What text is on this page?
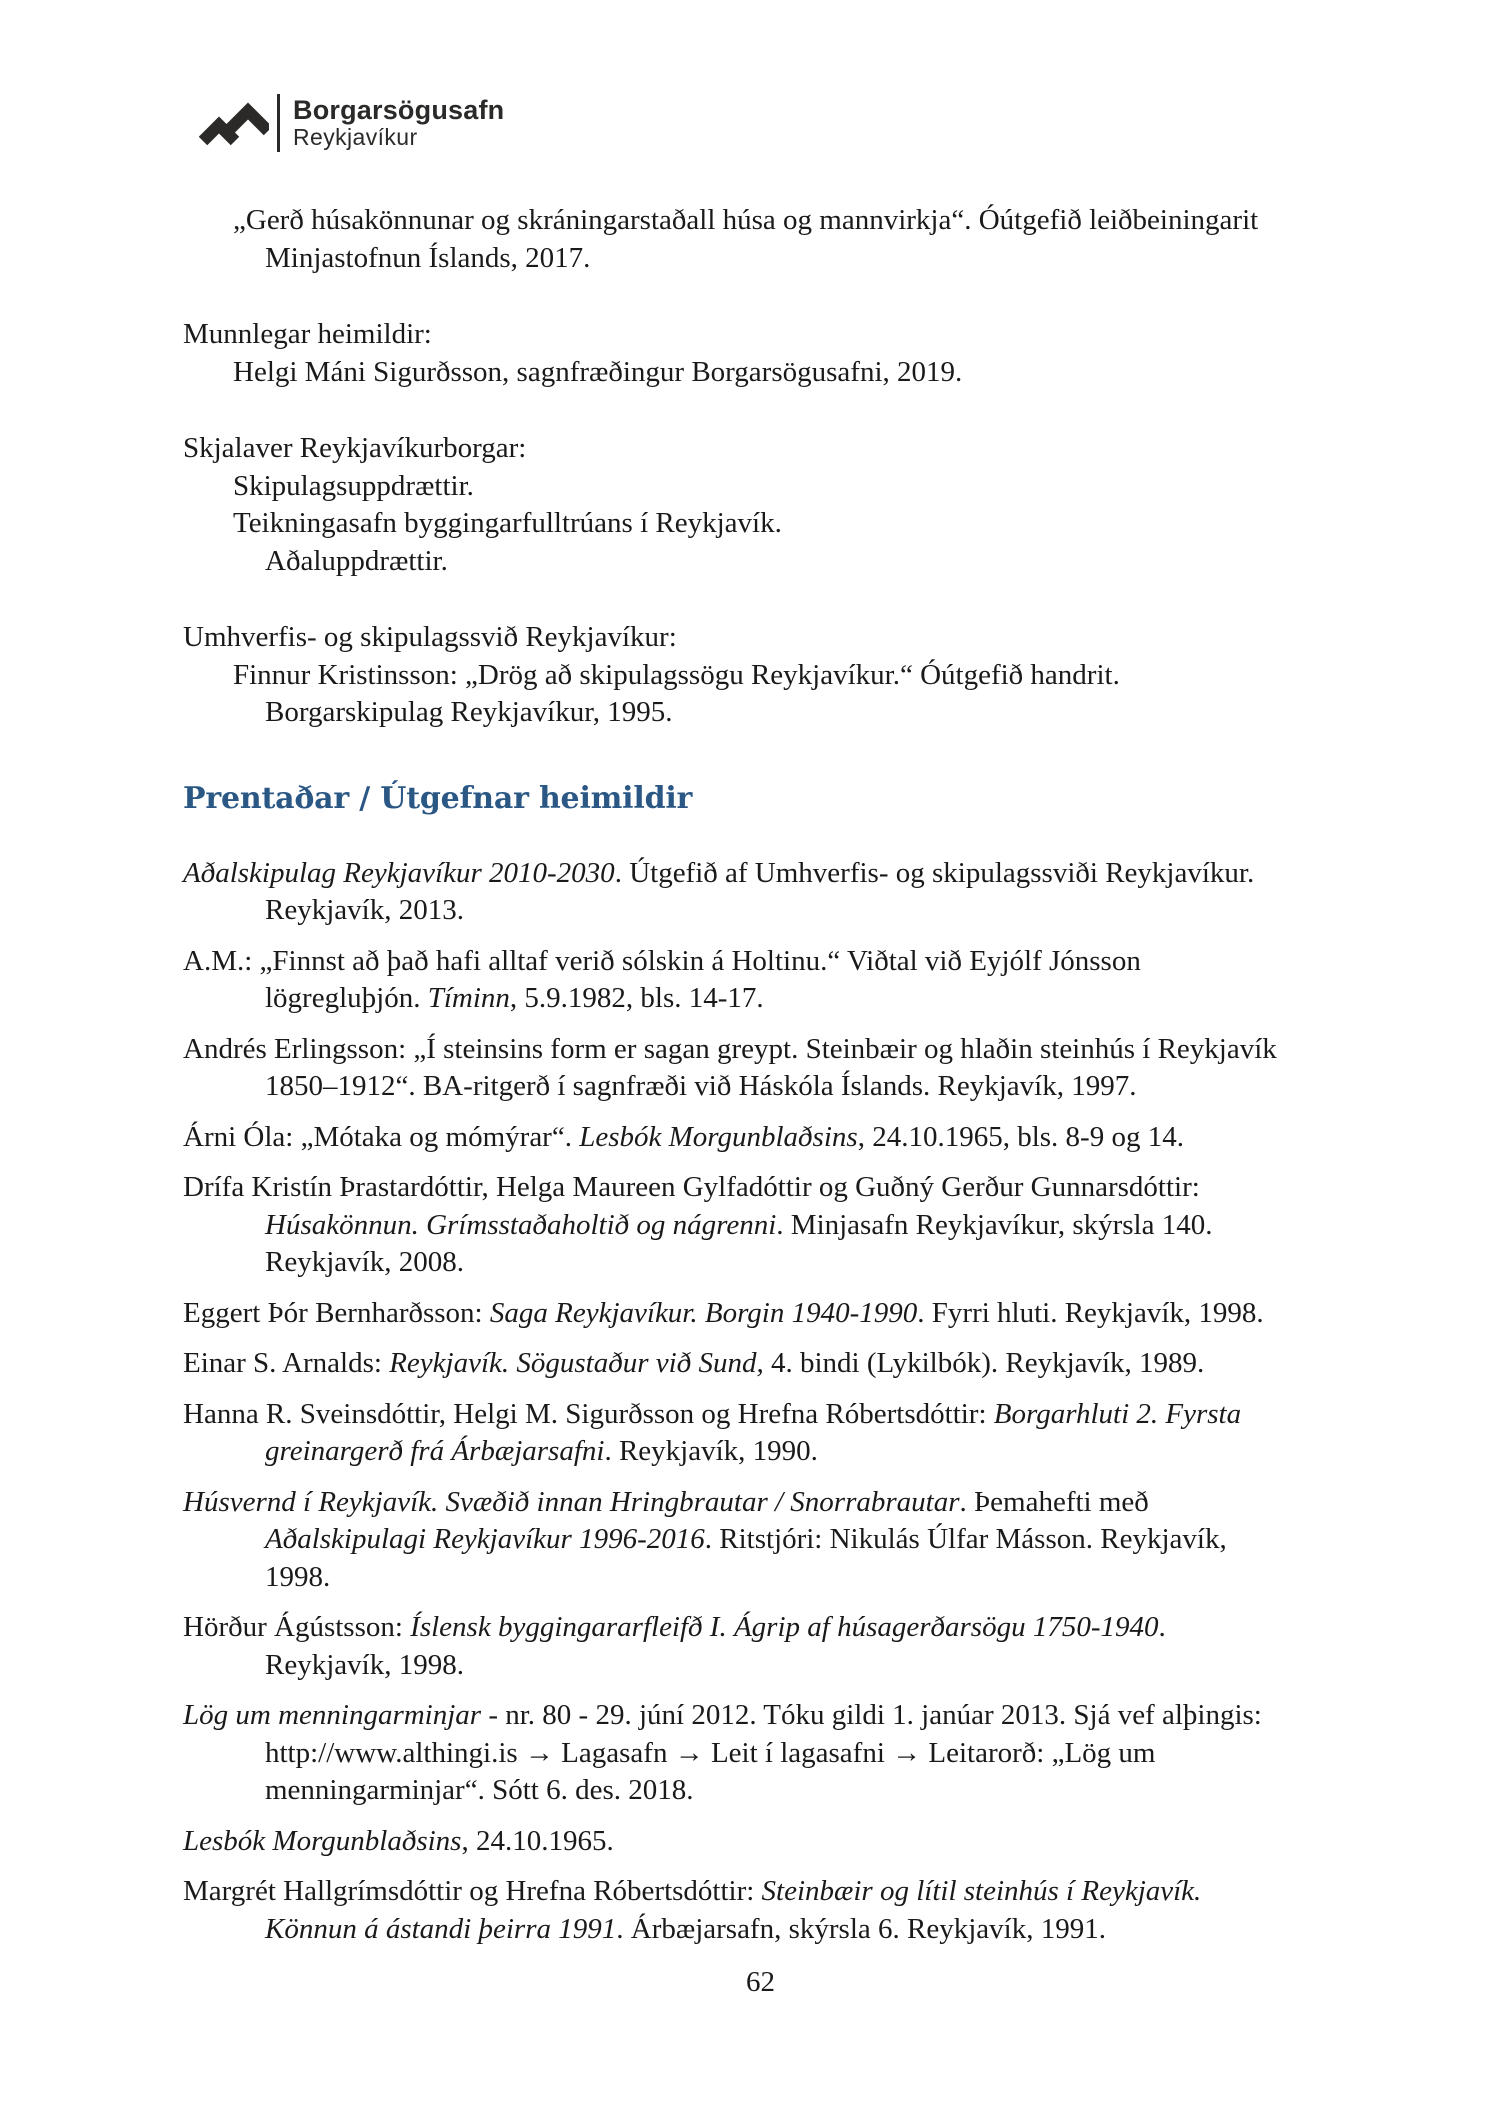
Borgarsögusafn
Reykjavíkur
„Gerð húsakönnunar og skráningarstaðall húsa og mannvirkja“. Óútgefið leiðbeiningarit
Minjastofnun Íslands, 2017.
Munnlegar heimildir:
Helgi Máni Sigurðsson, sagnfræðingur Borgarsögusafni, 2019.
Skjalaver Reykjavíkurborgar:
Skipulagsuppdrættir.
Teikningasafn byggingarfulltrúans í Reykjavík.
Aðaluppdrættir.
Umhverfis- og skipulagssvið Reykjavíkur:
Finnur Kristinsson: „Drög að skipulagssögu Reykjavíkur.“ Óútgefið handrit.
Borgarskipulag Reykjavíkur, 1995.
Prentaðar / Útgefnar heimildir
Aðalskipulag Reykjavíkur 2010-2030. Útgefið af Umhverfis- og skipulagssviði Reykjavíkur.
Reykjavík, 2013.
A.M.: „Finnst að það hafi alltaf verið sólskin á Holtinu.“ Viðtal við Eyjólf Jónsson
lögregluþjón. Tíminn, 5.9.1982, bls. 14-17.
Andrés Erlingsson: „Í steinsins form er sagan greypt. Steinbæir og hlaðin steinhús í Reykjavík
1850–1912“. BA-ritgerð í sagnfræði við Háskóla Íslands. Reykjavík, 1997.
Árni Óla: „Mótaka og mómýrar“. Lesbók Morgunblaðsins, 24.10.1965, bls. 8-9 og 14.
Drífa Kristín Þrastardóttir, Helga Maureen Gylfadóttir og Guðný Gerður Gunnarsdóttir:
Húsakönnun. Grímsstaðaholtið og nágrenni. Minjasafn Reykjavíkur, skýrsla 140.
Reykjavík, 2008.
Eggert Þór Bernharðsson: Saga Reykjavíkur. Borgin 1940-1990. Fyrri hluti. Reykjavík, 1998.
Einar S. Arnalds: Reykjavík. Sögustaður við Sund, 4. bindi (Lykilbók). Reykjavík, 1989.
Hanna R. Sveinsdóttir, Helgi M. Sigurðsson og Hrefna Róbertsdóttir: Borgarhluti 2. Fyrsta
greinargerð frá Árbæjarsafni. Reykjavík, 1990.
Húsvernd í Reykjavík. Svæðið innan Hringbrautar / Snorrabrautar. Þemahefti með
Aðalskipulagi Reykjavíkur 1996-2016. Ritstjóri: Nikulás Úlfar Másson. Reykjavík,
1998.
Hörður Ágústsson: Íslensk byggingararfleifð I. Ágrip af húsagerðarsögu 1750-1940.
Reykjavík, 1998.
Lög um menningarminjar - nr. 80 - 29. júní 2012. Tóku gildi 1. janúar 2013. Sjá vef alþingis:
http://www.althingi.is → Lagasafn → Leit í lagasafni → Leitarorð: „Lög um
menningarminjar“. Sótt 6. des. 2018.
Lesbók Morgunblaðsins, 24.10.1965.
Margrét Hallgrímsdóttir og Hrefna Róbertsdóttir: Steinbæir og lítil steinhús í Reykjavík.
Könnun á ástandi þeirra 1991. Árbæjarsafn, skýrsla 6. Reykjavík, 1991.
62
